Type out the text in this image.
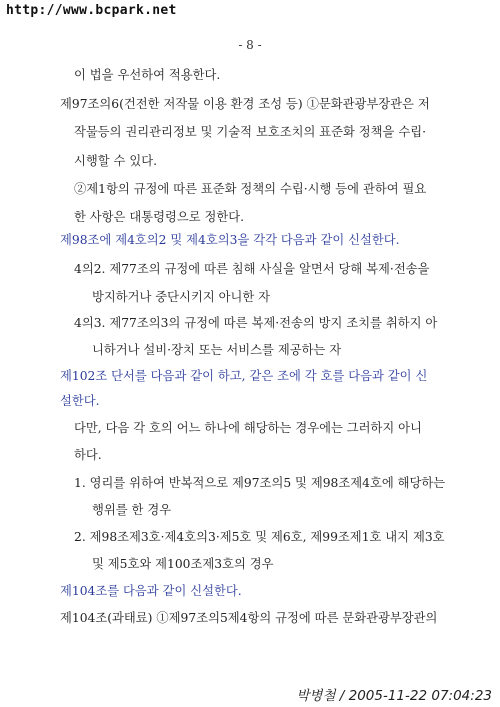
http://www.bcpark.net
- 8 -
이 법을 우선하여 적용한다.
제97조의6(건전한 저작물 이용 환경 조성 등) ①문화관광부장관은 저
작물등의 권리관리정보 및 기술적 보호조치의 표준화 정책을 수립·
시행할 수 있다.
②제1항의 규정에 따른 표준화 정책의 수립·시행 등에 관하여 필요
한 사항은 대통령령으로 정한다.
제98조에 제4호의2 및 제4호의3을 각각 다음과 같이 신설한다.
4의2. 제77조의 규정에 따른 침해 사실을 알면서 당해 복제·전송을
방지하거나 중단시키지 아니한 자
4의3. 제77조의3의 규정에 따른 복제·전송의 방지 조치를 취하지 아
니하거나 설비·장치 또는 서비스를 제공하는 자
제102조 단서를 다음과 같이 하고, 같은 조에 각 호를 다음과 같이 신
설한다.
다만, 다음 각 호의 어느 하나에 해당하는 경우에는 그러하지 아니
하다.
1. 영리를 위하여 반복적으로 제97조의5 및 제98조제4호에 해당하는
행위를 한 경우
2. 제98조제3호·제4호의3·제5호 및 제6호, 제99조제1호 내지 제3호
및 제5호와 제100조제3호의 경우
제104조를 다음과 같이 신설한다.
제104조(과태료) ①제97조의5제4항의 규정에 따른 문화관광부장관의
박병철 / 2005-11-22 07:04:23
